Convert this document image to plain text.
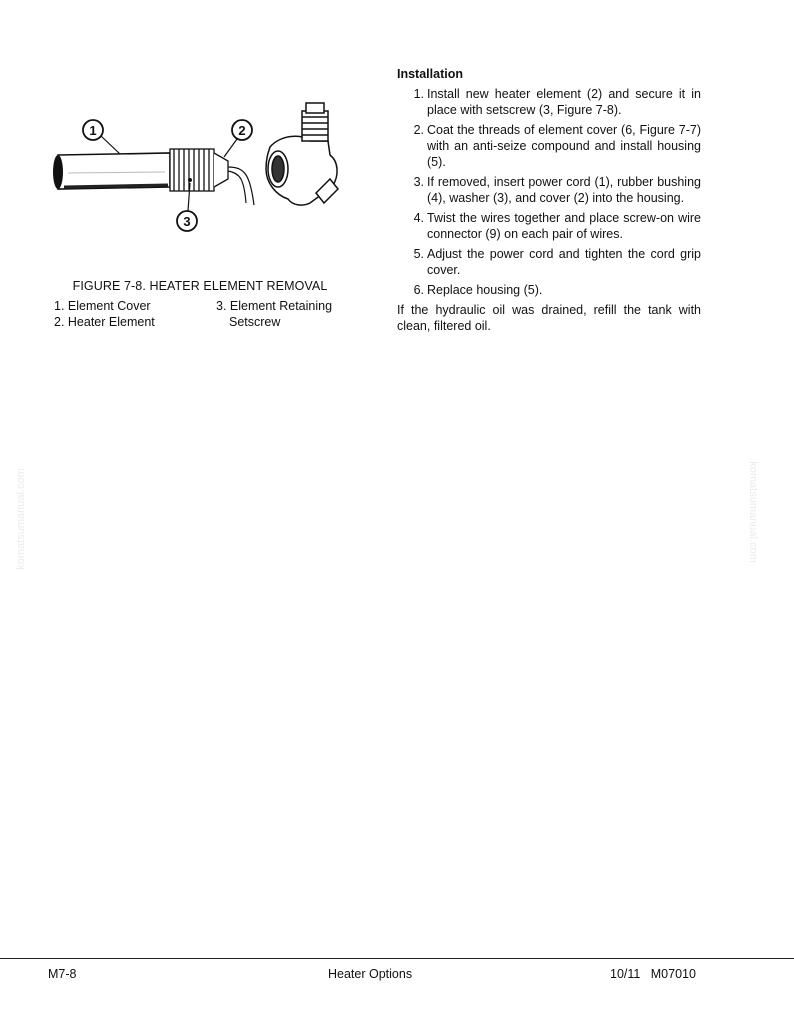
1	2
3
FIGURE 7-8. HEATER ELEMENT REMOVAL
1. Element Cover
2. Heater Element
3. Element Retaining
Setscrew
Installation
1. Install new heater element (2) and secure it in place with setscrew (3, Figure 7-8).
2. Coat the threads of element cover (6, Figure 7-7) with an anti-seize compound and install housing (5).
3. If removed, insert power cord (1), rubber bushing (4), washer (3), and cover (2) into the housing.
4. Twist the wires together and place screw-on wire connector (9) on each pair of wires.
5. Adjust the power cord and tighten the cord grip cover.
6. Replace housing (5).
If the hydraulic oil was drained, refill the tank with clean, filtered oil.
komatsumanual.com	komatsumanual.com
M7-8	Heater Options	10/11   M07010
